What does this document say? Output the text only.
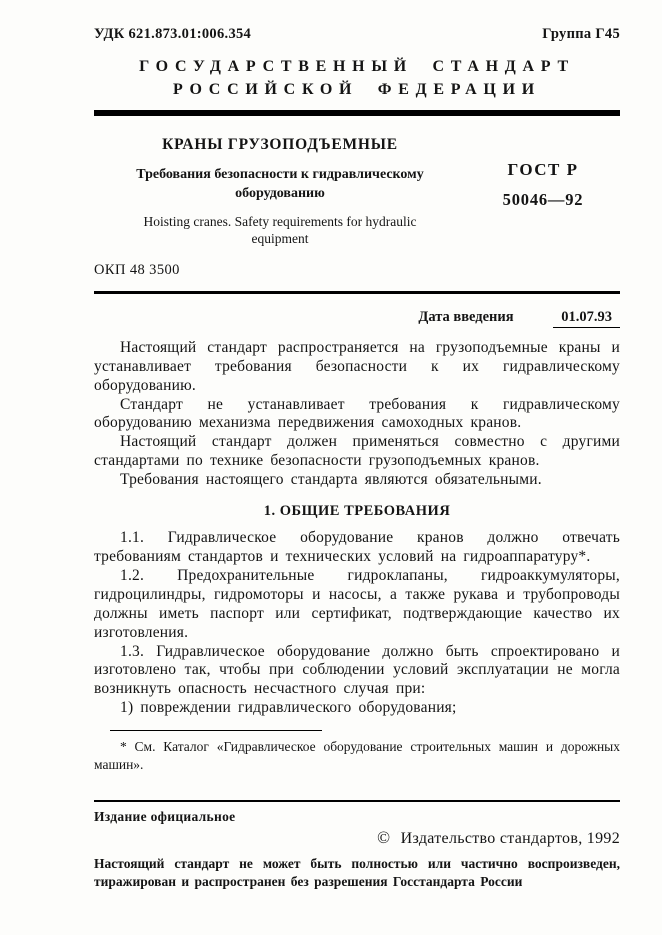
УДК 621.873.01:006.354	Группа Г45
ГОСУДАРСТВЕННЫЙ СТАНДАРТ
РОССИЙСКОЙ ФЕДЕРАЦИИ
КРАНЫ ГРУЗОПОДЪЕМНЫЕ
Требования безопасности к гидравлическому оборудованию
Hoisting cranes. Safety requirements for hydraulic equipment
ГОСТ Р
50046—92
ОКП 48 3500
Дата введения	01.07.93

Настоящий стандарт распространяется на грузоподъемные краны и устанавливает требования безопасности к их гидравлическому оборудованию.

Стандарт не устанавливает требования к гидравлическому оборудованию механизма передвижения самоходных кранов.

Настоящий стандарт должен применяться совместно с другими стандартами по технике безопасности грузоподъемных кранов.

Требования настоящего стандарта являются обязательными.

1. ОБЩИЕ ТРЕБОВАНИЯ

1.1. Гидравлическое оборудование кранов должно отвечать требованиям стандартов и технических условий на гидроаппаратуру*.

1.2. Предохранительные гидроклапаны, гидроаккумуляторы, гидроцилиндры, гидромоторы и насосы, а также рукава и трубопроводы должны иметь паспорт или сертификат, подтверждающие качество их изготовления.

1.3. Гидравлическое оборудование должно быть спроектировано и изготовлено так, чтобы при соблюдении условий эксплуатации не могла возникнуть опасность несчастного случая при:

1) повреждении гидравлического оборудования;

* См. Каталог «Гидравлическое оборудование строительных машин и дорожных машин».
Издание официальное
© Издательство стандартов, 1992
Настоящий стандарт не может быть полностью или частично воспроизведен, тиражирован и распространен без разрешения Госстандарта России
